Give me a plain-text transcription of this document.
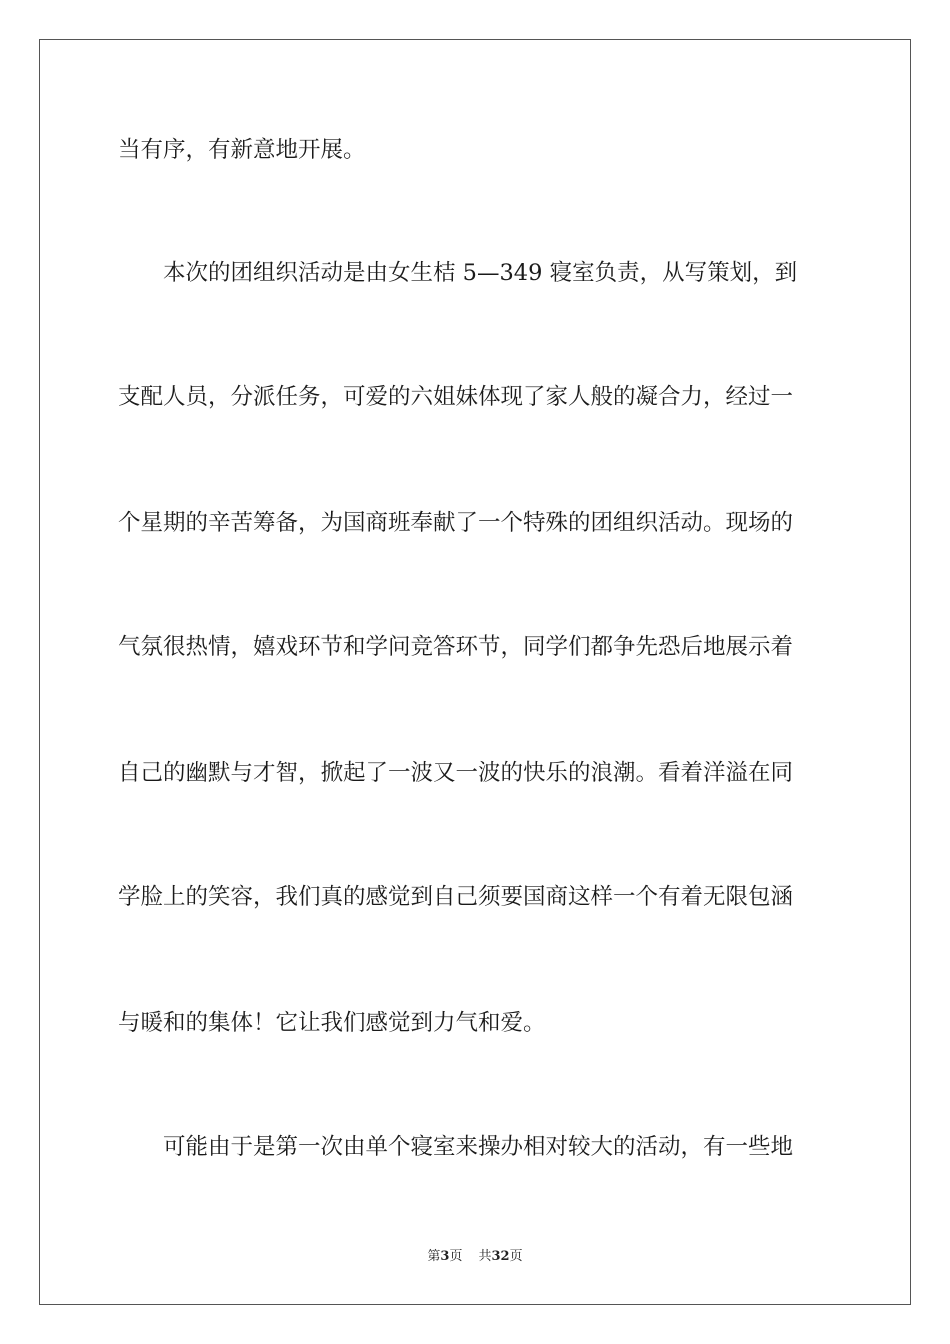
当有序，有新意地开展。
本次的团组织活动是由女生桔 5—349 寝室负责，从写策划，到
支配人员，分派任务，可爱的六姐妹体现了家人般的凝合力，经过一
个星期的辛苦筹备，为国商班奉献了一个特殊的团组织活动。现场的
气氛很热情，嬉戏环节和学问竞答环节，同学们都争先恐后地展示着
自己的幽默与才智，掀起了一波又一波的快乐的浪潮。看着洋溢在同
学脸上的笑容，我们真的感觉到自己须要国商这样一个有着无限包涵
与暖和的集体！它让我们感觉到力气和爱。
可能由于是第一次由单个寝室来操办相对较大的活动，有一些地
第3页 共32页
